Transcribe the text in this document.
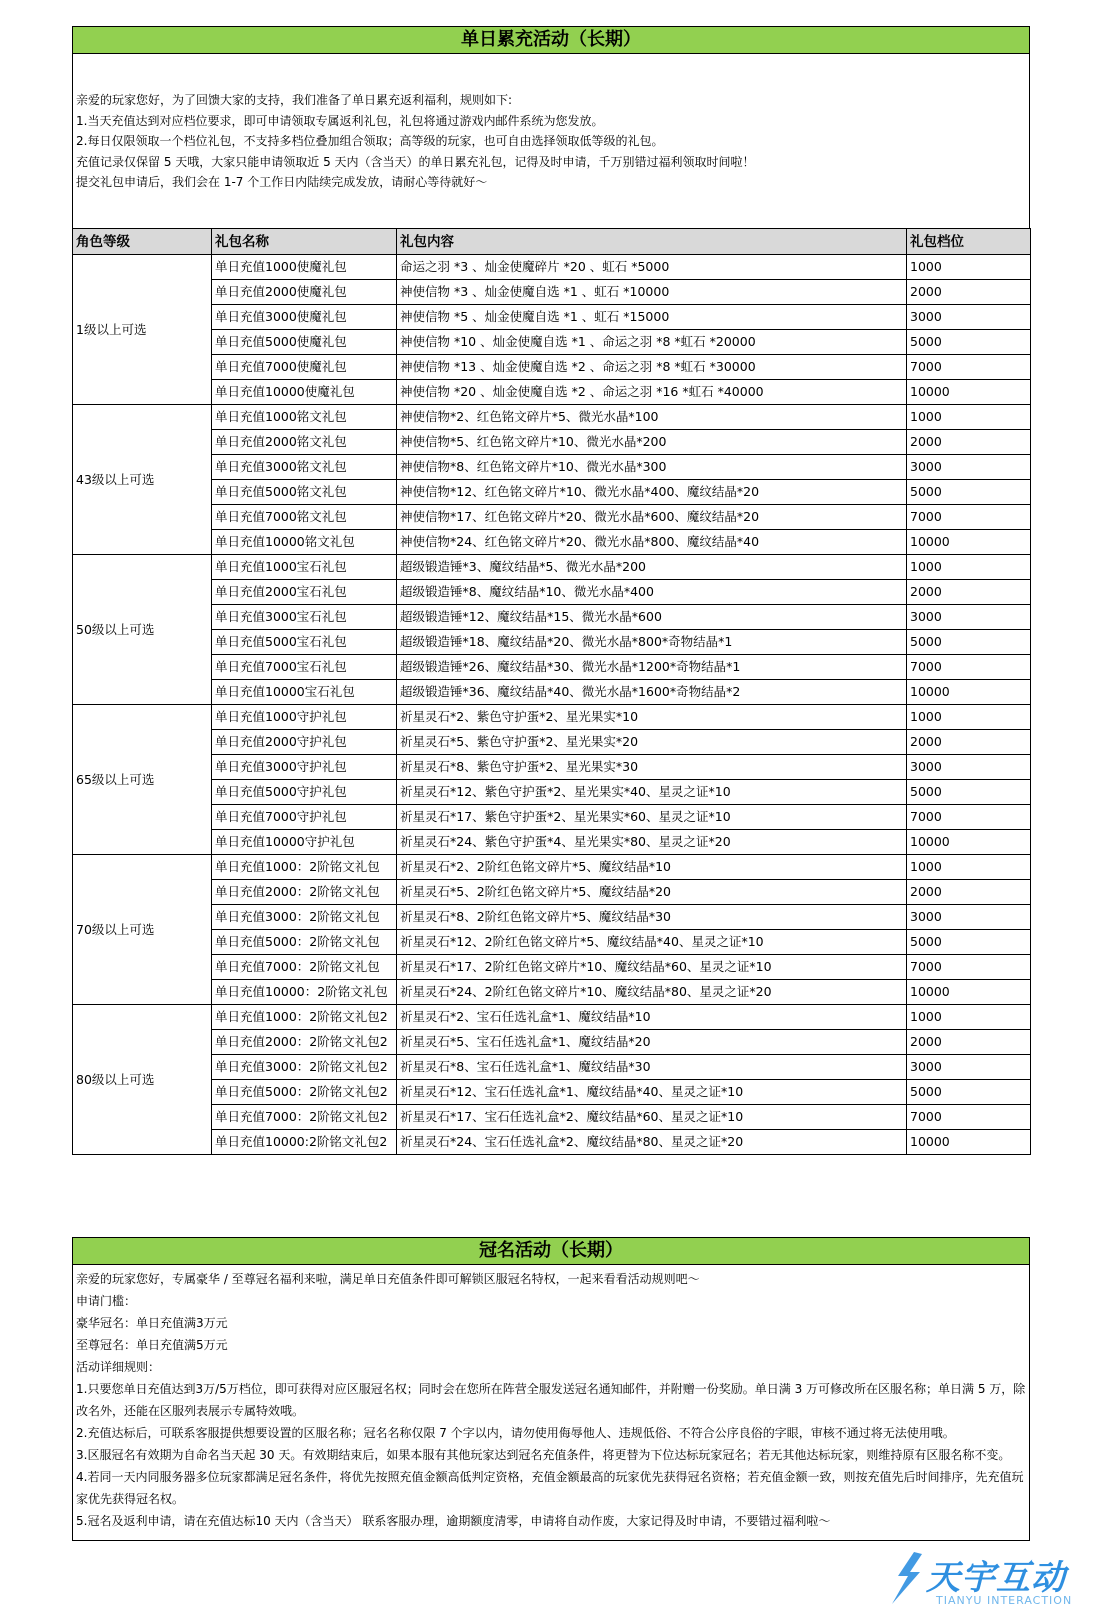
单日累充活动（长期）

亲爱的玩家您好，为了回馈大家的支持，我们准备了单日累充返利福利，规则如下:

1.当天充值达到对应档位要求，即可申请领取专属返利礼包，礼包将通过游戏内邮件系统为您发放。

2.每日仅限领取一个档位礼包，不支持多档位叠加组合领取；高等级的玩家，也可自由选择领取低等级的礼包。

充值记录仅保留 5 天哦，大家只能申请领取近 5 天内（含当天）的单日累充礼包，记得及时申请，千万别错过福利领取时间啦！

提交礼包申请后，我们会在 1-7 个工作日内陆续完成发放，请耐心等待就好～

角色等级	礼包名称	礼包内容	礼包档位
1级以上可选	单日充值1000使魔礼包	命运之羽 *3 、灿金使魔碎片 *20 、虹石 *5000	1000
	单日充值2000使魔礼包	神使信物 *3 、灿金使魔自选 *1 、虹石 *10000	2000
	单日充值3000使魔礼包	神使信物 *5 、灿金使魔自选 *1 、虹石 *15000	3000
	单日充值5000使魔礼包	神使信物 *10 、灿金使魔自选 *1 、命运之羽 *8 *虹石 *20000	5000
	单日充值7000使魔礼包	神使信物 *13 、灿金使魔自选 *2 、命运之羽 *8 *虹石 *30000	7000
	单日充值10000使魔礼包	神使信物 *20 、灿金使魔自选 *2 、命运之羽 *16 *虹石 *40000	10000
43级以上可选	单日充值1000铭文礼包	神使信物*2、红色铭文碎片*5、微光水晶*100	1000
	单日充值2000铭文礼包	神使信物*5、红色铭文碎片*10、微光水晶*200	2000
	单日充值3000铭文礼包	神使信物*8、红色铭文碎片*10、微光水晶*300	3000
	单日充值5000铭文礼包	神使信物*12、红色铭文碎片*10、微光水晶*400、魔纹结晶*20	5000
	单日充值7000铭文礼包	神使信物*17、红色铭文碎片*20、微光水晶*600、魔纹结晶*20	7000
	单日充值10000铭文礼包	神使信物*24、红色铭文碎片*20、微光水晶*800、魔纹结晶*40	10000
50级以上可选	单日充值1000宝石礼包	超级锻造锤*3、魔纹结晶*5、微光水晶*200	1000
	单日充值2000宝石礼包	超级锻造锤*8、魔纹结晶*10、微光水晶*400	2000
	单日充值3000宝石礼包	超级锻造锤*12、魔纹结晶*15、微光水晶*600	3000
	单日充值5000宝石礼包	超级锻造锤*18、魔纹结晶*20、微光水晶*800*奇物结晶*1	5000
	单日充值7000宝石礼包	超级锻造锤*26、魔纹结晶*30、微光水晶*1200*奇物结晶*1	7000
	单日充值10000宝石礼包	超级锻造锤*36、魔纹结晶*40、微光水晶*1600*奇物结晶*2	10000
65级以上可选	单日充值1000守护礼包	祈星灵石*2、紫色守护蛋*2、星光果实*10	1000
	单日充值2000守护礼包	祈星灵石*5、紫色守护蛋*2、星光果实*20	2000
	单日充值3000守护礼包	祈星灵石*8、紫色守护蛋*2、星光果实*30	3000
	单日充值5000守护礼包	祈星灵石*12、紫色守护蛋*2、星光果实*40、星灵之证*10	5000
	单日充值7000守护礼包	祈星灵石*17、紫色守护蛋*2、星光果实*60、星灵之证*10	7000
	单日充值10000守护礼包	祈星灵石*24、紫色守护蛋*4、星光果实*80、星灵之证*20	10000
70级以上可选	单日充值1000：2阶铭文礼包	祈星灵石*2、2阶红色铭文碎片*5、魔纹结晶*10	1000
	单日充值2000：2阶铭文礼包	祈星灵石*5、2阶红色铭文碎片*5、魔纹结晶*20	2000
	单日充值3000：2阶铭文礼包	祈星灵石*8、2阶红色铭文碎片*5、魔纹结晶*30	3000
	单日充值5000：2阶铭文礼包	祈星灵石*12、2阶红色铭文碎片*5、魔纹结晶*40、星灵之证*10	5000
	单日充值7000：2阶铭文礼包	祈星灵石*17、2阶红色铭文碎片*10、魔纹结晶*60、星灵之证*10	7000
	单日充值10000：2阶铭文礼包	祈星灵石*24、2阶红色铭文碎片*10、魔纹结晶*80、星灵之证*20	10000
80级以上可选	单日充值1000：2阶铭文礼包2	祈星灵石*2、宝石任选礼盒*1、魔纹结晶*10	1000
	单日充值2000：2阶铭文礼包2	祈星灵石*5、宝石任选礼盒*1、魔纹结晶*20	2000
	单日充值3000：2阶铭文礼包2	祈星灵石*8、宝石任选礼盒*1、魔纹结晶*30	3000
	单日充值5000：2阶铭文礼包2	祈星灵石*12、宝石任选礼盒*1、魔纹结晶*40、星灵之证*10	5000
	单日充值7000：2阶铭文礼包2	祈星灵石*17、宝石任选礼盒*2、魔纹结晶*60、星灵之证*10	7000
	单日充值10000:2阶铭文礼包2	祈星灵石*24、宝石任选礼盒*2、魔纹结晶*80、星灵之证*20	10000
冠名活动（长期）

亲爱的玩家您好，专属豪华 / 至尊冠名福利来啦，满足单日充值条件即可解锁区服冠名特权，一起来看看活动规则吧～

申请门槛：

豪华冠名：单日充值满3万元

至尊冠名：单日充值满5万元

活动详细规则：

1.只要您单日充值达到3万/5万档位，即可获得对应区服冠名权；同时会在您所在阵营全服发送冠名通知邮件，并附赠一份奖励。单日满 3 万可修改所在区服名称；单日满 5 万，除改名外，还能在区服列表展示专属特效哦。

2.充值达标后，可联系客服提供想要设置的区服名称；冠名名称仅限 7 个字以内，请勿使用侮辱他人、违规低俗、不符合公序良俗的字眼，审核不通过将无法使用哦。

3.区服冠名有效期为自命名当天起 30 天。有效期结束后，如果本服有其他玩家达到冠名充值条件，将更替为下位达标玩家冠名；若无其他达标玩家，则维持原有区服名称不变。

4.若同一天内同服务器多位玩家都满足冠名条件，将优先按照充值金额高低判定资格，充值金额最高的玩家优先获得冠名资格；若充值金额一致，则按充值先后时间排序，先充值玩家优先获得冠名权。

5.冠名及返利申请，请在充值达标10 天内（含当天） 联系客服办理，逾期额度清零，申请将自动作废，大家记得及时申请，不要错过福利啦～

天宇互动
TIANYU INTERACTION
